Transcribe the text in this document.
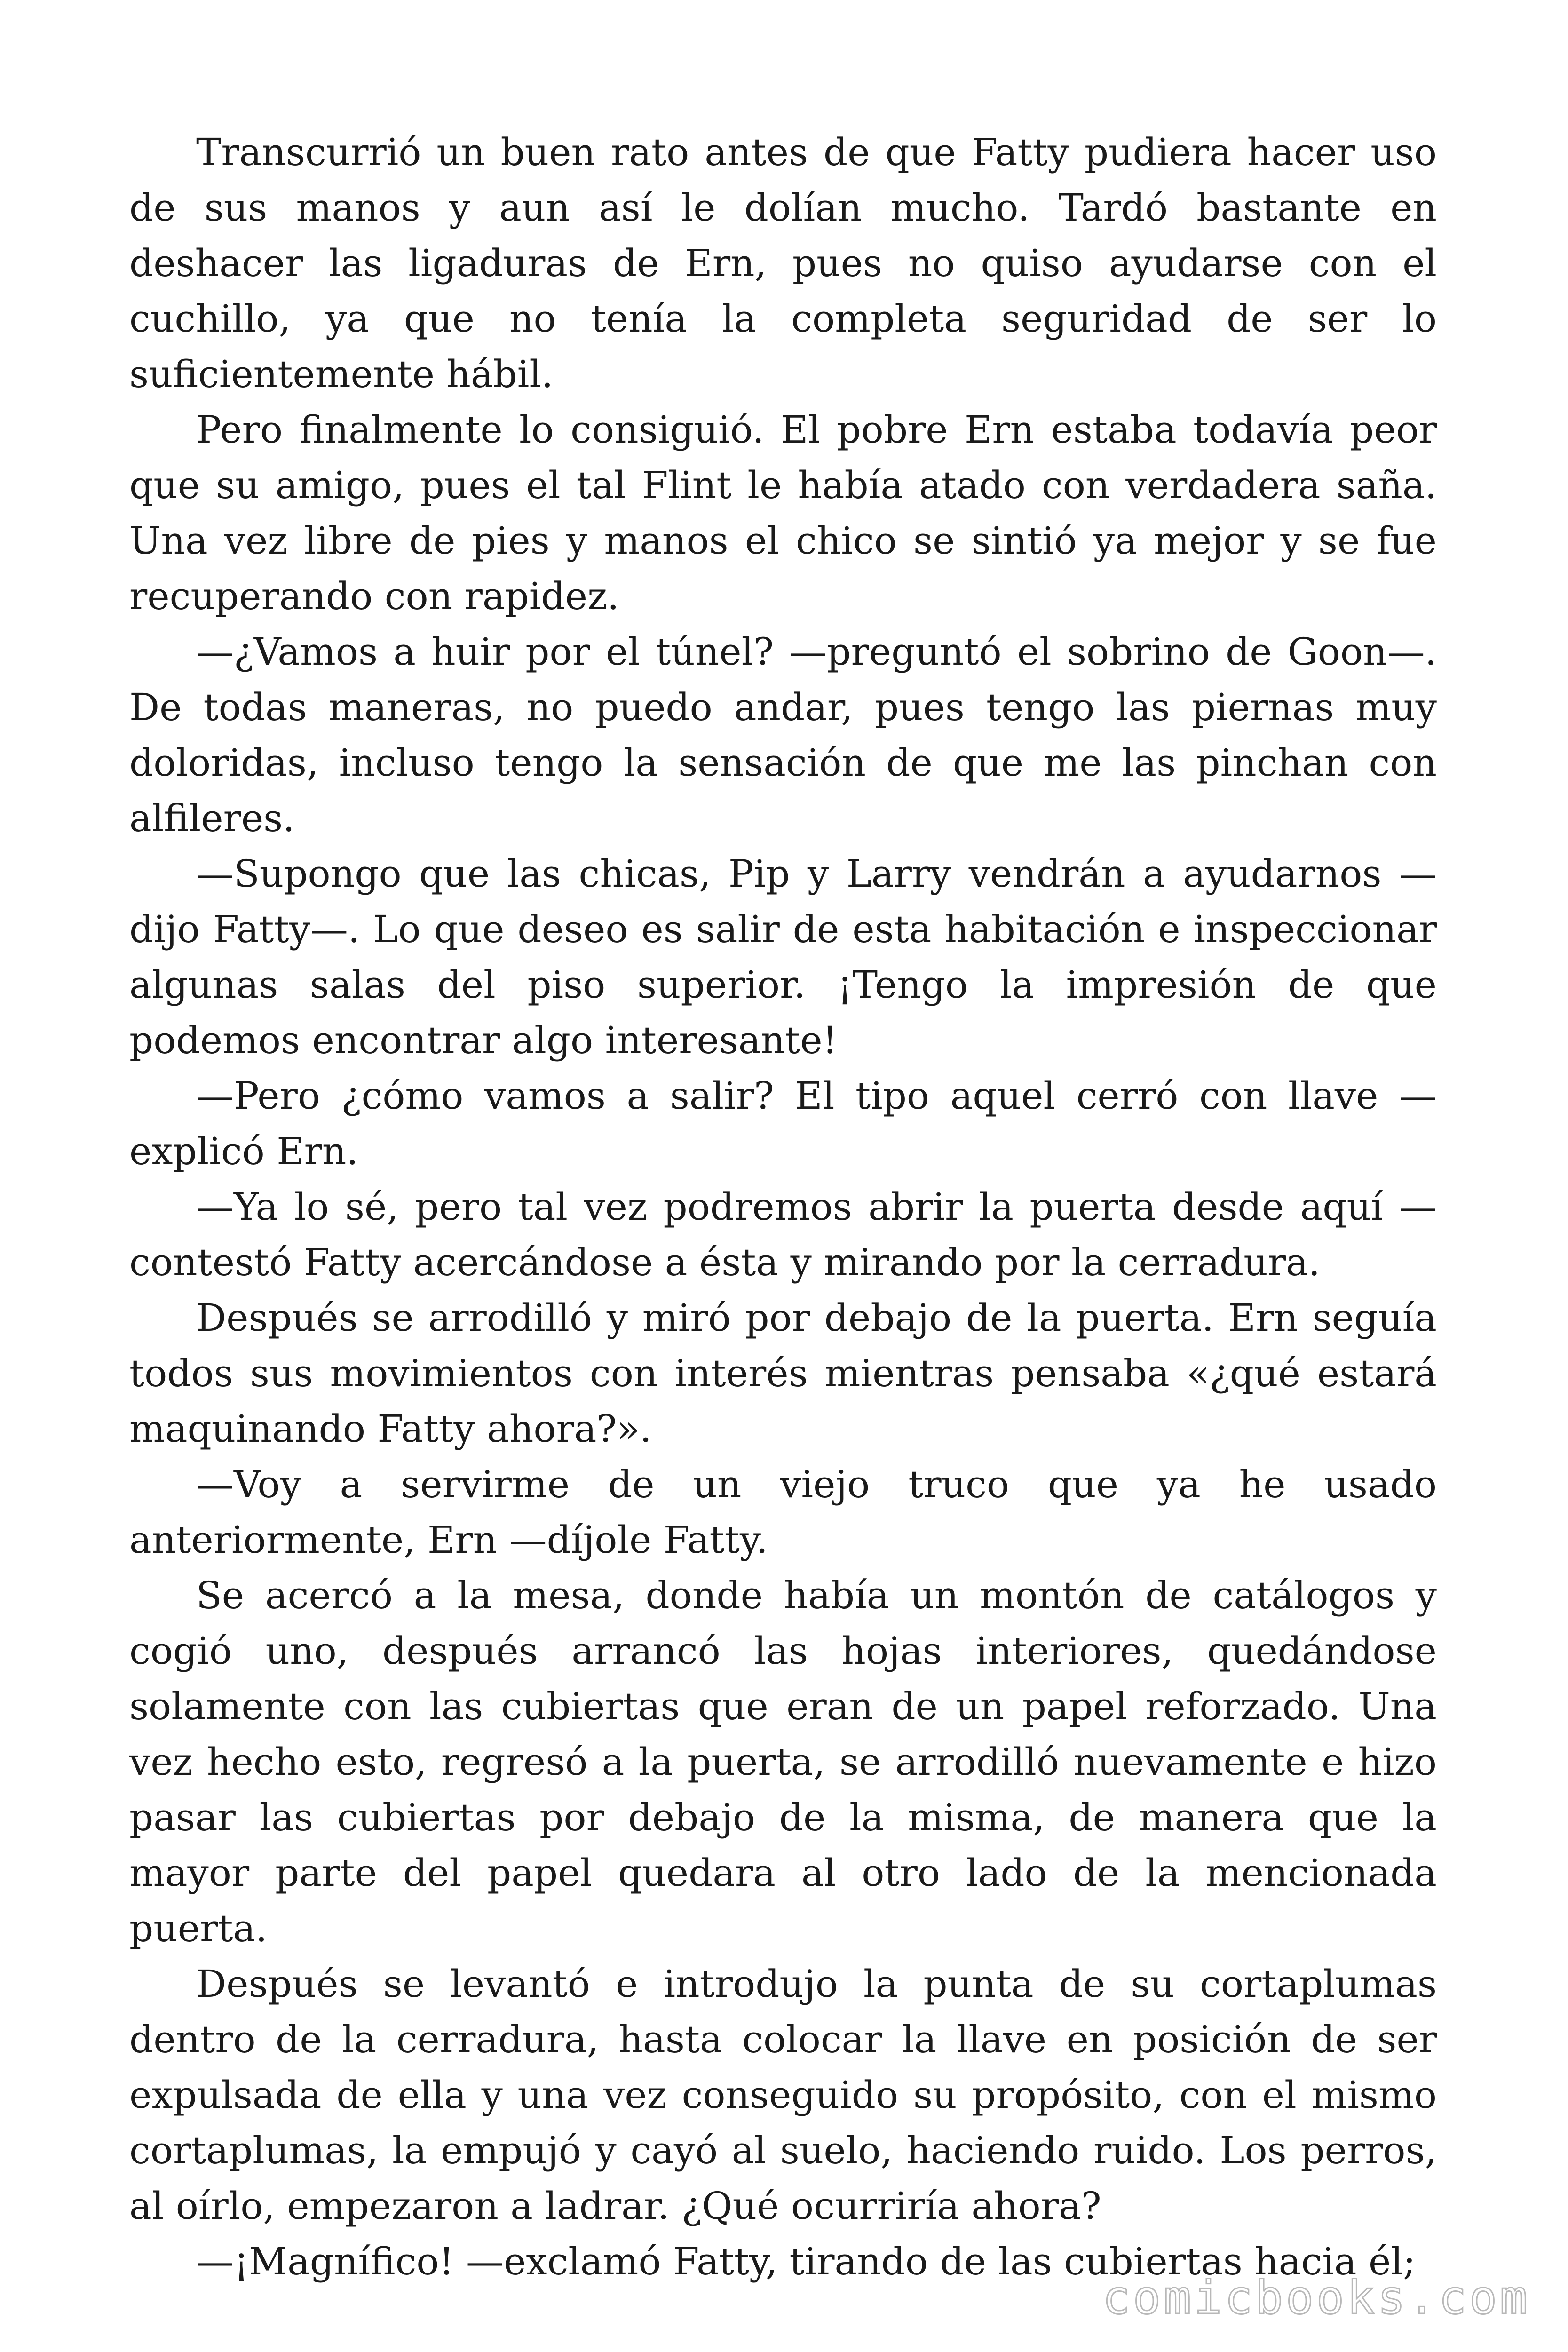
Transcurrió un buen rato antes de que Fatty pudiera hacer uso de sus manos y aun así le dolían mucho. Tardó bastante en deshacer las ligaduras de Ern, pues no quiso ayudarse con el cuchillo, ya que no tenía la completa seguridad de ser lo suficientemente hábil.

Pero finalmente lo consiguió. El pobre Ern estaba todavía peor que su amigo, pues el tal Flint le había atado con verdadera saña. Una vez libre de pies y manos el chico se sintió ya mejor y se fue recuperando con rapidez.

—¿Vamos a huir por el túnel? —preguntó el sobrino de Goon—. De todas maneras, no puedo andar, pues tengo las piernas muy doloridas, incluso tengo la sensación de que me las pinchan con alfileres.

—Supongo que las chicas, Pip y Larry vendrán a ayudarnos —dijo Fatty—. Lo que deseo es salir de esta habitación e inspeccionar algunas salas del piso superior. ¡Tengo la impresión de que podemos encontrar algo interesante!

—Pero ¿cómo vamos a salir? El tipo aquel cerró con llave —explicó Ern.

—Ya lo sé, pero tal vez podremos abrir la puerta desde aquí —contestó Fatty acercándose a ésta y mirando por la cerradura.

Después se arrodilló y miró por debajo de la puerta. Ern seguía todos sus movimientos con interés mientras pensaba «¿qué estará maquinando Fatty ahora?».

—Voy a servirme de un viejo truco que ya he usado anteriormente, Ern —díjole Fatty.

Se acercó a la mesa, donde había un montón de catálogos y cogió uno, después arrancó las hojas interiores, quedándose solamente con las cubiertas que eran de un papel reforzado. Una vez hecho esto, regresó a la puerta, se arrodilló nuevamente e hizo pasar las cubiertas por debajo de la misma, de manera que la mayor parte del papel quedara al otro lado de la mencionada puerta.

Después se levantó e introdujo la punta de su cortaplumas dentro de la cerradura, hasta colocar la llave en posición de ser expulsada de ella y una vez conseguido su propósito, con el mismo cortaplumas, la empujó y cayó al suelo, haciendo ruido. Los perros, al oírlo, empezaron a ladrar. ¿Qué ocurriría ahora?

—¡Magnífico! —exclamó Fatty, tirando de las cubiertas hacia él;

comicbooks.com
